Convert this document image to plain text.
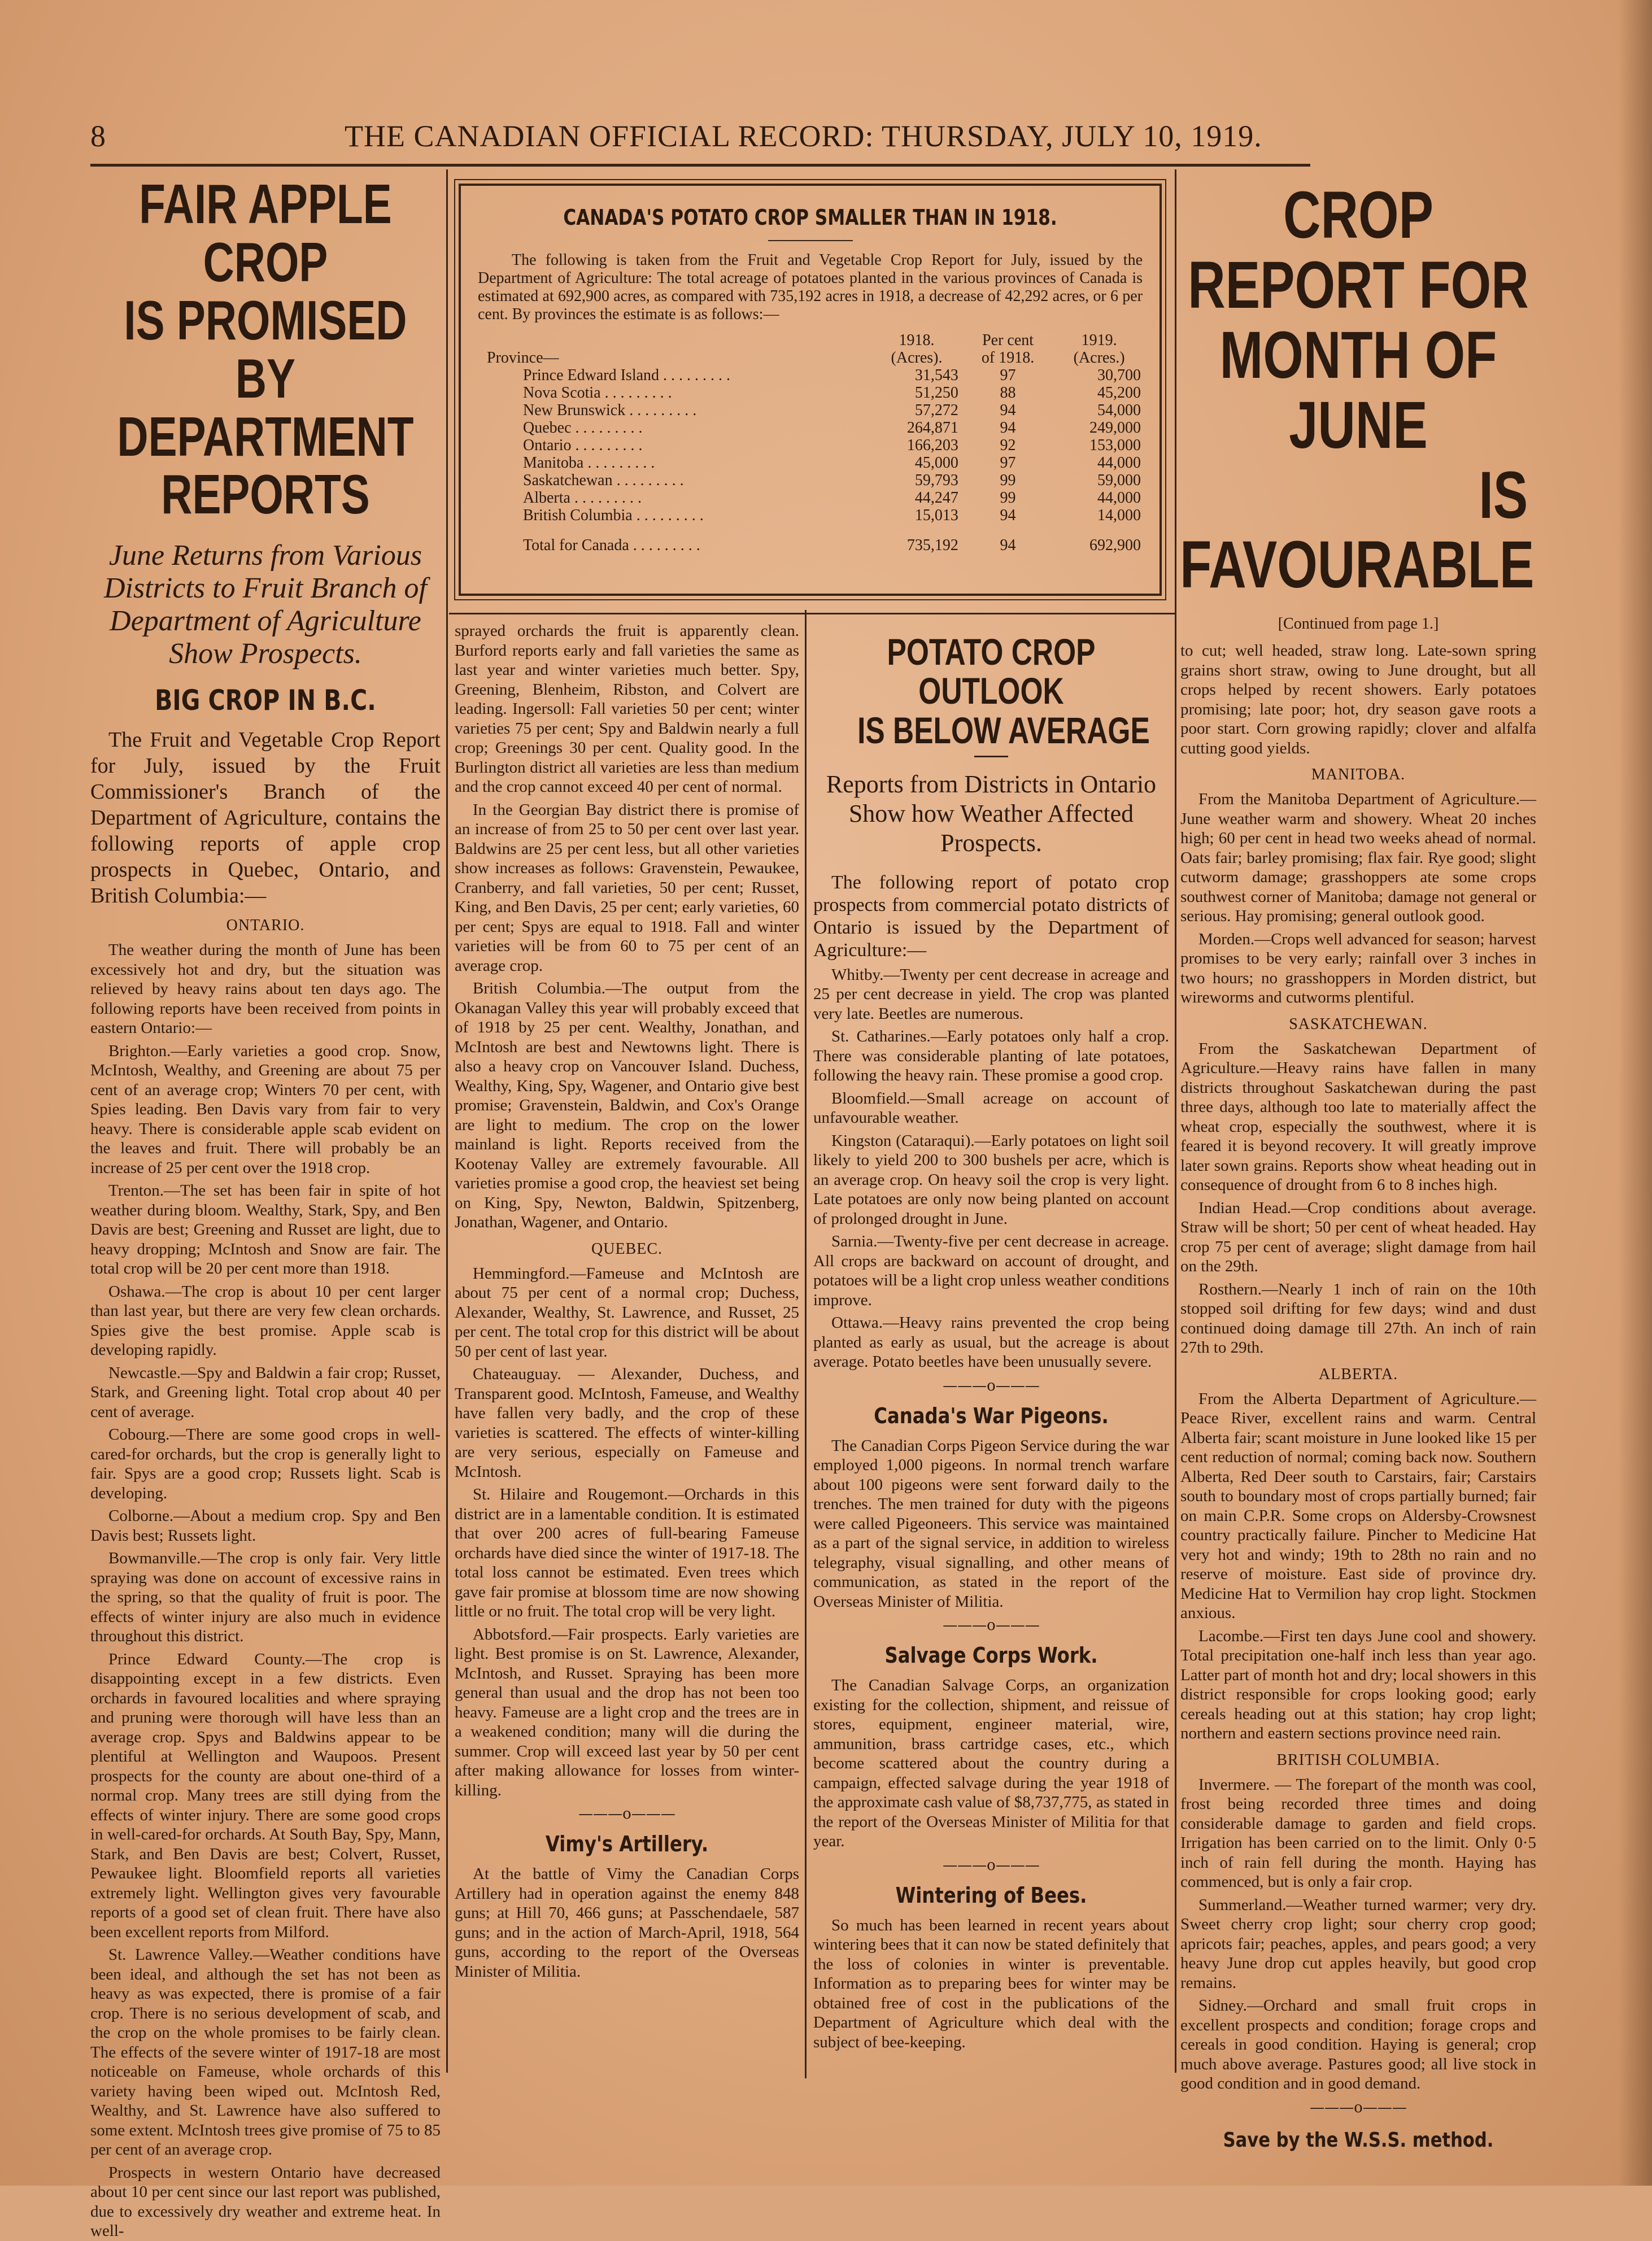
8	THE CANADIAN OFFICIAL RECORD: THURSDAY, JULY 10, 1919.
FAIR APPLE CROP
IS PROMISED BY
DEPARTMENT REPORTS
June Returns from Various Districts to Fruit Branch of Department of Agriculture Show Prospects.
BIG CROP IN B.C.

The Fruit and Vegetable Crop Report for July, issued by the Fruit Commissioner's Branch of the Department of Agriculture, contains the following reports of apple crop prospects in Quebec, Ontario, and British Columbia:—

ONTARIO.

The weather during the month of June has been excessively hot and dry, but the situation was relieved by heavy rains about ten days ago. The following reports have been received from points in eastern Ontario:—

Brighton.—Early varieties a good crop. Snow, McIntosh, Wealthy, and Greening are about 75 per cent of an average crop; Winters 70 per cent, with Spies leading. Ben Davis vary from fair to very heavy. There is considerable apple scab evident on the leaves and fruit. There will probably be an increase of 25 per cent over the 1918 crop.

Trenton.—The set has been fair in spite of hot weather during bloom. Wealthy, Stark, Spy, and Ben Davis are best; Greening and Russet are light, due to heavy dropping; McIntosh and Snow are fair. The total crop will be 20 per cent more than 1918.

Oshawa.—The crop is about 10 per cent larger than last year, but there are very few clean orchards. Spies give the best promise. Apple scab is developing rapidly.

Newcastle.—Spy and Baldwin a fair crop; Russet, Stark, and Greening light. Total crop about 40 per cent of average.

Cobourg.—There are some good crops in well-cared-for orchards, but the crop is generally light to fair. Spys are a good crop; Russets light. Scab is developing.

Colborne.—About a medium crop. Spy and Ben Davis best; Russets light.

Bowmanville.—The crop is only fair. Very little spraying was done on account of excessive rains in the spring, so that the quality of fruit is poor. The effects of winter injury are also much in evidence throughout this district.

Prince Edward County.—The crop is disappointing except in a few districts. Even orchards in favoured localities and where spraying and pruning were thorough will have less than an average crop. Spys and Baldwins appear to be plentiful at Wellington and Waupoos. Present prospects for the county are about one-third of a normal crop. Many trees are still dying from the effects of winter injury. There are some good crops in well-cared-for orchards. At South Bay, Spy, Mann, Stark, and Ben Davis are best; Colvert, Russet, Pewaukee light. Bloomfield reports all varieties extremely light. Wellington gives very favourable reports of a good set of clean fruit. There have also been excellent reports from Milford.

St. Lawrence Valley.—Weather conditions have been ideal, and although the set has not been as heavy as was expected, there is promise of a fair crop. There is no serious development of scab, and the crop on the whole promises to be fairly clean. The effects of the severe winter of 1917-18 are most noticeable on Fameuse, whole orchards of this variety having been wiped out. McIntosh Red, Wealthy, and St. Lawrence have also suffered to some extent. McIntosh trees give promise of 75 to 85 per cent of an average crop.

Prospects in western Ontario have decreased about 10 per cent since our last report was published, due to excessively dry weather and extreme heat. In well-

CANADA'S POTATO CROP SMALLER THAN IN 1918.
The following is taken from the Fruit and Vegetable Crop Report for July, issued by the Department of Agriculture: The total acreage of potatoes planted in the various provinces of Canada is estimated at 692,900 acres, as compared with 735,192 acres in 1918, a decrease of 42,292 acres, or 6 per cent. By provinces the estimate is as follows:—
	1918.	Per cent	1919.
Province—	(Acres).	of 1918.	(Acres.)
Prince Edward Island . . . . . . . . .	31,543	97	30,700
Nova Scotia . . . . . . . . .	51,250	88	45,200
New Brunswick . . . . . . . . .	57,272	94	54,000
Quebec . . . . . . . . .	264,871	94	249,000
Ontario . . . . . . . . .	166,203	92	153,000
Manitoba . . . . . . . . .	45,000	97	44,000
Saskatchewan . . . . . . . . .	59,793	99	59,000
Alberta . . . . . . . . .	44,247	99	44,000
British Columbia . . . . . . . . .	15,013	94	14,000
Total for Canada . . . . . . . . .	735,192	94	692,900

sprayed orchards the fruit is apparently clean. Burford reports early and fall varieties the same as last year and winter varieties much better. Spy, Greening, Blenheim, Ribston, and Colvert are leading. Ingersoll: Fall varieties 50 per cent; winter varieties 75 per cent; Spy and Baldwin nearly a full crop; Greenings 30 per cent. Quality good. In the Burlington district all varieties are less than medium and the crop cannot exceed 40 per cent of normal.

In the Georgian Bay district there is promise of an increase of from 25 to 50 per cent over last year. Baldwins are 25 per cent less, but all other varieties show increases as follows: Gravenstein, Pewaukee, Cranberry, and fall varieties, 50 per cent; Russet, King, and Ben Davis, 25 per cent; early varieties, 60 per cent; Spys are equal to 1918. Fall and winter varieties will be from 60 to 75 per cent of an average crop.

British Columbia.—The output from the Okanagan Valley this year will probably exceed that of 1918 by 25 per cent. Wealthy, Jonathan, and McIntosh are best and Newtowns light. There is also a heavy crop on Vancouver Island. Duchess, Wealthy, King, Spy, Wagener, and Ontario give best promise; Gravenstein, Baldwin, and Cox's Orange are light to medium. The crop on the lower mainland is light. Reports received from the Kootenay Valley are extremely favourable. All varieties promise a good crop, the heaviest set being on King, Spy, Newton, Baldwin, Spitzenberg, Jonathan, Wagener, and Ontario.

QUEBEC.

Hemmingford.—Fameuse and McIntosh are about 75 per cent of a normal crop; Duchess, Alexander, Wealthy, St. Lawrence, and Russet, 25 per cent. The total crop for this district will be about 50 per cent of last year.

Chateauguay. — Alexander, Duchess, and Transparent good. McIntosh, Fameuse, and Wealthy have fallen very badly, and the crop of these varieties is scattered. The effects of winter-killing are very serious, especially on Fameuse and McIntosh.

St. Hilaire and Rougemont.—Orchards in this district are in a lamentable condition. It is estimated that over 200 acres of full-bearing Fameuse orchards have died since the winter of 1917-18. The total loss cannot be estimated. Even trees which gave fair promise at blossom time are now showing little or no fruit. The total crop will be very light.

Abbotsford.—Fair prospects. Early varieties are light. Best promise is on St. Lawrence, Alexander, McIntosh, and Russet. Spraying has been more general than usual and the drop has not been too heavy. Fameuse are a light crop and the trees are in a weakened condition; many will die during the summer. Crop will exceed last year by 50 per cent after making allowance for losses from winter-killing.

———o———
Vimy's Artillery.

At the battle of Vimy the Canadian Corps Artillery had in operation against the enemy 848 guns; at Hill 70, 466 guns; at Passchendaele, 587 guns; and in the action of March-April, 1918, 564 guns, according to the report of the Overseas Minister of Militia.

POTATO CROP OUTLOOK
IS BELOW AVERAGE
Reports from Districts in Ontario Show how Weather Affected Prospects.

The following report of potato crop prospects from commercial potato districts of Ontario is issued by the Department of Agriculture:—

Whitby.—Twenty per cent decrease in acreage and 25 per cent decrease in yield. The crop was planted very late. Beetles are numerous.

St. Catharines.—Early potatoes only half a crop. There was considerable planting of late potatoes, following the heavy rain. These promise a good crop.

Bloomfield.—Small acreage on account of unfavourable weather.

Kingston (Cataraqui).—Early potatoes on light soil likely to yield 200 to 300 bushels per acre, which is an average crop. On heavy soil the crop is very light. Late potatoes are only now being planted on account of prolonged drought in June.

Sarnia.—Twenty-five per cent decrease in acreage. All crops are backward on account of drought, and potatoes will be a light crop unless weather conditions improve.

Ottawa.—Heavy rains prevented the crop being planted as early as usual, but the acreage is about average. Potato beetles have been unusually severe.

———o———
Canada's War Pigeons.

The Canadian Corps Pigeon Service during the war employed 1,000 pigeons. In normal trench warfare about 100 pigeons were sent forward daily to the trenches. The men trained for duty with the pigeons were called Pigeoneers. This service was maintained as a part of the signal service, in addition to wireless telegraphy, visual signalling, and other means of communication, as stated in the report of the Overseas Minister of Militia.

———o———
Salvage Corps Work.

The Canadian Salvage Corps, an organization existing for the collection, shipment, and reissue of stores, equipment, engineer material, wire, ammunition, brass cartridge cases, etc., which become scattered about the country during a campaign, effected salvage during the year 1918 of the approximate cash value of $8,737,775, as stated in the report of the Overseas Minister of Militia for that year.

———o———
Wintering of Bees.

So much has been learned in recent years about wintering bees that it can now be stated definitely that the loss of colonies in winter is preventable. Information as to preparing bees for winter may be obtained free of cost in the publications of the Department of Agriculture which deal with the subject of bee-keeping.

CROP REPORT FOR
MONTH OF JUNE
IS FAVOURABLE
[Continued from page 1.]

to cut; well headed, straw long. Late-sown spring grains short straw, owing to June drought, but all crops helped by recent showers. Early potatoes promising; late poor; hot, dry season gave roots a poor start. Corn growing rapidly; clover and alfalfa cutting good yields.

MANITOBA.

From the Manitoba Department of Agriculture.—June weather warm and showery. Wheat 20 inches high; 60 per cent in head two weeks ahead of normal. Oats fair; barley promising; flax fair. Rye good; slight cutworm damage; grasshoppers ate some crops southwest corner of Manitoba; damage not general or serious. Hay promising; general outlook good.

Morden.—Crops well advanced for season; harvest promises to be very early; rainfall over 3 inches in two hours; no grasshoppers in Morden district, but wireworms and cutworms plentiful.

SASKATCHEWAN.

From the Saskatchewan Department of Agriculture.—Heavy rains have fallen in many districts throughout Saskatchewan during the past three days, although too late to materially affect the wheat crop, especially the southwest, where it is feared it is beyond recovery. It will greatly improve later sown grains. Reports show wheat heading out in consequence of drought from 6 to 8 inches high.

Indian Head.—Crop conditions about average. Straw will be short; 50 per cent of wheat headed. Hay crop 75 per cent of average; slight damage from hail on the 29th.

Rosthern.—Nearly 1 inch of rain on the 10th stopped soil drifting for few days; wind and dust continued doing damage till 27th. An inch of rain 27th to 29th.

ALBERTA.

From the Alberta Department of Agriculture.—Peace River, excellent rains and warm. Central Alberta fair; scant moisture in June looked like 15 per cent reduction of normal; coming back now. Southern Alberta, Red Deer south to Carstairs, fair; Carstairs south to boundary most of crops partially burned; fair on main C.P.R. Some crops on Aldersby-Crowsnest country practically failure. Pincher to Medicine Hat very hot and windy; 19th to 28th no rain and no reserve of moisture. East side of province dry. Medicine Hat to Vermilion hay crop light. Stockmen anxious.

Lacombe.—First ten days June cool and showery. Total precipitation one-half inch less than year ago. Latter part of month hot and dry; local showers in this district responsible for crops looking good; early cereals heading out at this station; hay crop light; northern and eastern sections province need rain.

BRITISH COLUMBIA.

Invermere. — The forepart of the month was cool, frost being recorded three times and doing considerable damage to garden and field crops. Irrigation has been carried on to the limit. Only 0·5 inch of rain fell during the month. Haying has commenced, but is only a fair crop.

Summerland.—Weather turned warmer; very dry. Sweet cherry crop light; sour cherry crop good; apricots fair; peaches, apples, and pears good; a very heavy June drop cut apples heavily, but good crop remains.

Sidney.—Orchard and small fruit crops in excellent prospects and condition; forage crops and cereals in good condition. Haying is general; crop much above average. Pastures good; all live stock in good condition and in good demand.

———o———
Save by the W.S.S. method.
